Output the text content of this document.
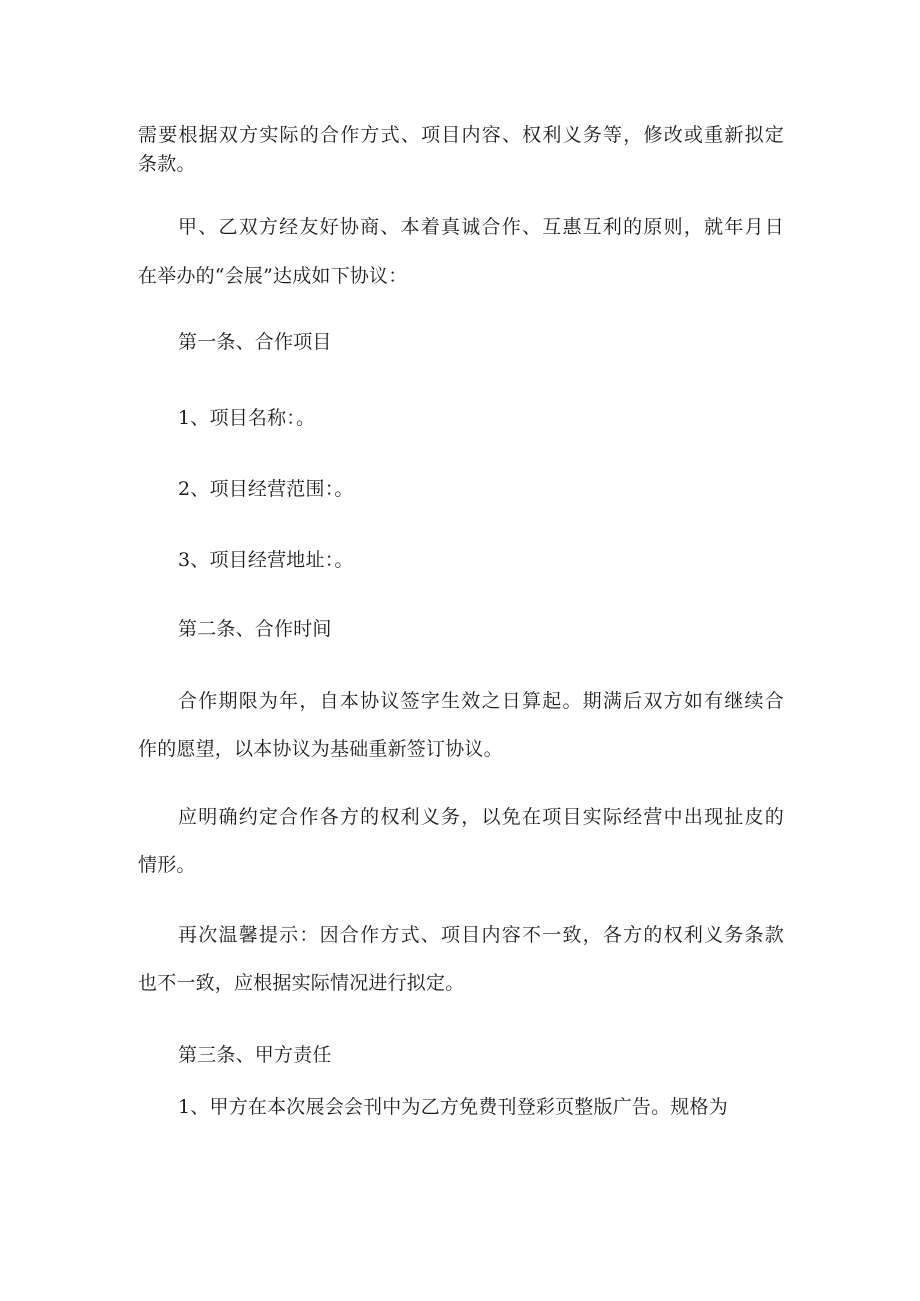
需要根据双方实际的合作方式、项目内容、权利义务等，修改或重新拟定
条款。
甲、乙双方经友好协商、本着真诚合作、互惠互利的原则，就年月日
在举办的“会展”达成如下协议：
第一条、合作项目
1、项目名称：。
2、项目经营范围：。
3、项目经营地址：。
第二条、合作时间
合作期限为年，自本协议签字生效之日算起。期满后双方如有继续合
作的愿望，以本协议为基础重新签订协议。
应明确约定合作各方的权利义务，以免在项目实际经营中出现扯皮的
情形。
再次温馨提示：因合作方式、项目内容不一致，各方的权利义务条款
也不一致，应根据实际情况进行拟定。
第三条、甲方责任
1、甲方在本次展会会刊中为乙方免费刊登彩页整版广告。规格为
